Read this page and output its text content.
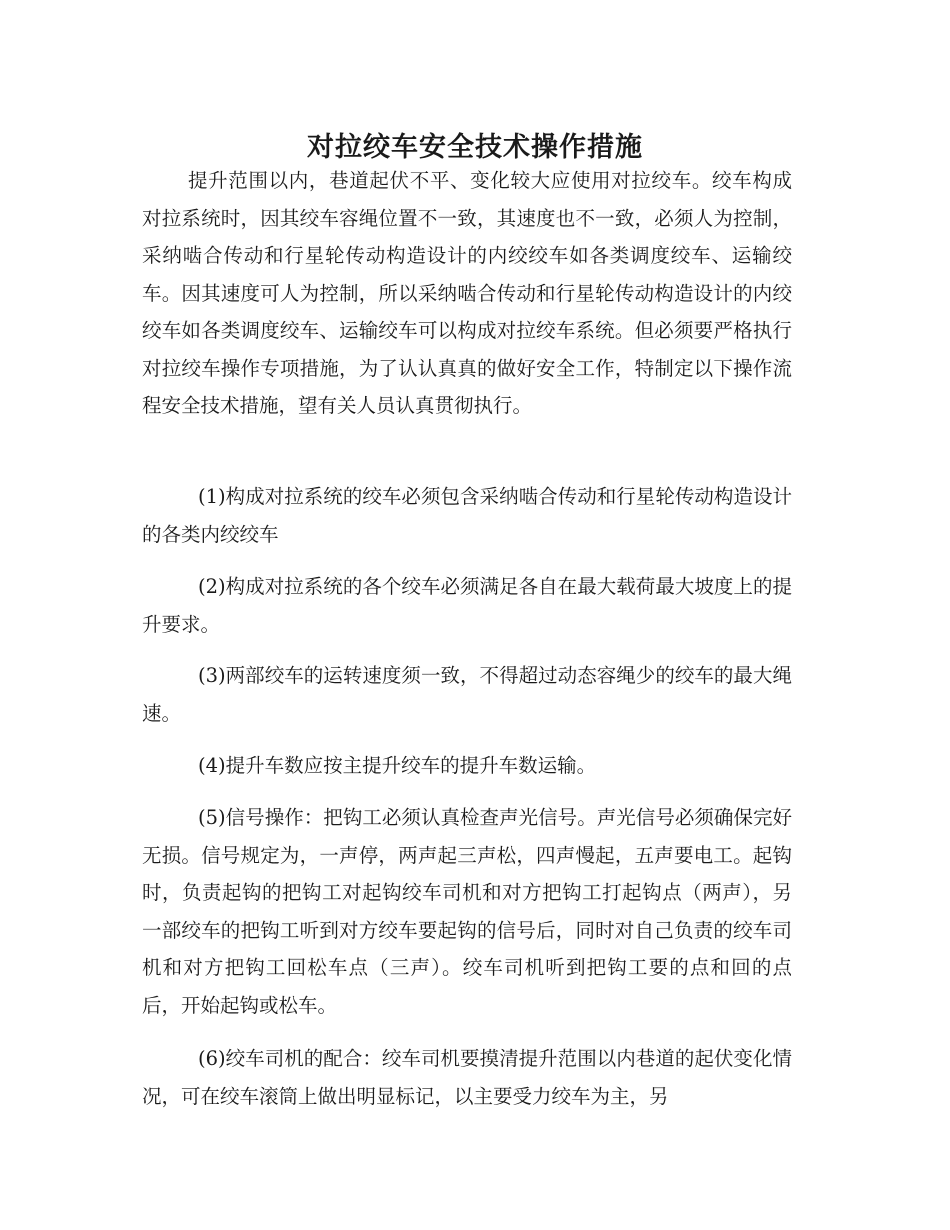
对拉绞车安全技术操作措施

提升范围以内，巷道起伏不平、变化较大应使用对拉绞车。绞车构成对拉系统时，因其绞车容绳位置不一致，其速度也不一致，必须人为控制，采纳啮合传动和行星轮传动构造设计的内绞绞车如各类调度绞车、运输绞车。因其速度可人为控制，所以采纳啮合传动和行星轮传动构造设计的内绞绞车如各类调度绞车、运输绞车可以构成对拉绞车系统。但必须要严格执行对拉绞车操作专项措施，为了认认真真的做好安全工作，特制定以下操作流程安全技术措施，望有关人员认真贯彻执行。

(1)构成对拉系统的绞车必须包含采纳啮合传动和行星轮传动构造设计的各类内绞绞车

(2)构成对拉系统的各个绞车必须满足各自在最大载荷最大坡度上的提升要求。

(3)两部绞车的运转速度须一致，不得超过动态容绳少的绞车的最大绳速。

(4)提升车数应按主提升绞车的提升车数运输。

(5)信号操作：把钩工必须认真检查声光信号。声光信号必须确保完好无损。信号规定为，一声停，两声起三声松，四声慢起，五声要电工。起钩时，负责起钩的把钩工对起钩绞车司机和对方把钩工打起钩点（两声），另一部绞车的把钩工听到对方绞车要起钩的信号后，同时对自己负责的绞车司机和对方把钩工回松车点（三声）。绞车司机听到把钩工要的点和回的点后，开始起钩或松车。

(6)绞车司机的配合：绞车司机要摸清提升范围以内巷道的起伏变化情况，可在绞车滚筒上做出明显标记，以主要受力绞车为主，另
